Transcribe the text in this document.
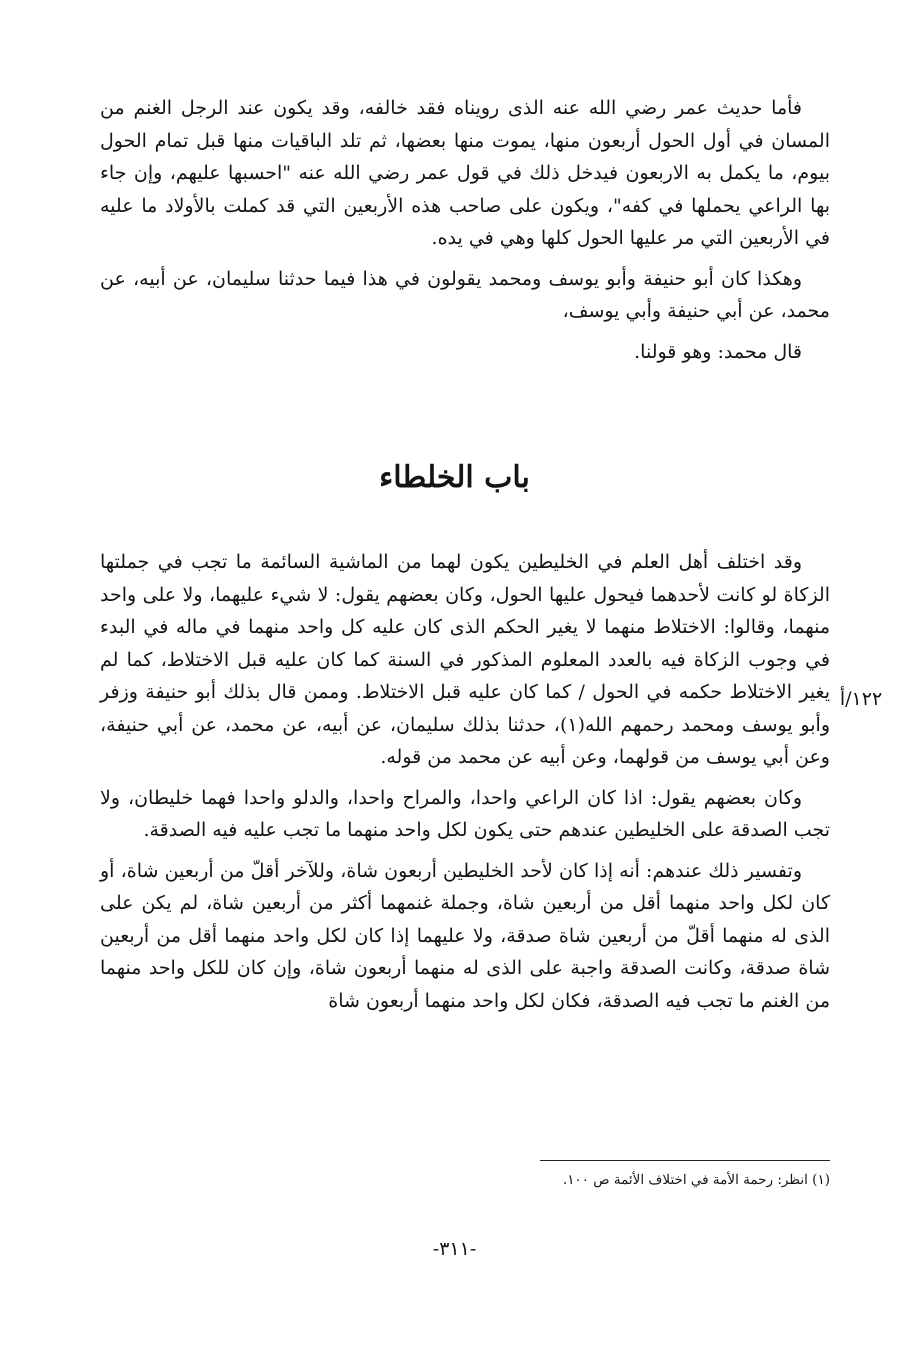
فأما حديث عمر رضي الله عنه الذى رويناه فقد خالفه، وقد يكون عند الرجل الغنم من المسان في أول الحول أربعون منها، يموت منها بعضها، ثم تلد الباقيات منها قبل تمام الحول بيوم، ما يكمل به الاربعون فيدخل ذلك في قول عمر رضي الله عنه "احسبها عليهم، وإن جاء بها الراعي يحملها في كفه"، ويكون على صاحب هذه الأربعين التي قد كملت بالأولاد ما عليه في الأربعين التي مر عليها الحول كلها وهي في يده.

وهكذا كان أبو حنيفة وأبو يوسف ومحمد يقولون في هذا فيما حدثنا سليمان، عن أبيه، عن محمد، عن أبي حنيفة وأبي يوسف،

قال محمد: وهو قولنا.

باب الخلطاء

وقد اختلف أهل العلم في الخليطين يكون لهما من الماشية السائمة ما تجب في جملتها الزكاة لو كانت لأحدهما فيحول عليها الحول، وكان بعضهم يقول: لا شيء عليهما، ولا على واحد منهما، وقالوا: الاختلاط منهما لا يغير الحكم الذى كان عليه كل واحد منهما في ماله في البدء في وجوب الزكاة فيه بالعدد المعلوم المذكور في السنة كما كان عليه قبل الاختلاط، كما لم يغير الاختلاط حكمه في الحول / كما كان عليه قبل الاختلاط. وممن قال بذلك أبو حنيفة وزفر وأبو يوسف ومحمد رحمهم الله(١)، حدثنا بذلك سليمان، عن أبيه، عن محمد، عن أبي حنيفة، وعن أبي يوسف من قولهما، وعن أبيه عن محمد من قوله.

وكان بعضهم يقول: اذا كان الراعي واحدا، والمراح واحدا، والدلو واحدا فهما خليطان، ولا تجب الصدقة على الخليطين عندهم حتى يكون لكل واحد منهما ما تجب عليه فيه الصدقة.

وتفسير ذلك عندهم: أنه إذا كان لأحد الخليطين أربعون شاة، وللآخر أقلّ من أربعين شاة، أو كان لكل واحد منهما أقل من أربعين شاة، وجملة غنمهما أكثر من أربعين شاة، لم يكن على الذى له منهما أقلّ من أربعين شاة صدقة، ولا عليهما إذا كان لكل واحد منهما أقل من أربعين شاة صدقة، وكانت الصدقة واجبة على الذى له منهما أربعون شاة، وإن كان للكل واحد منهما من الغنم ما تجب فيه الصدقة، فكان لكل واحد منهما أربعون شاة

١٢٢/أ

(١) انظر: رحمة الأمة في اختلاف الأئمة ص ١٠٠.

-٣١١-
